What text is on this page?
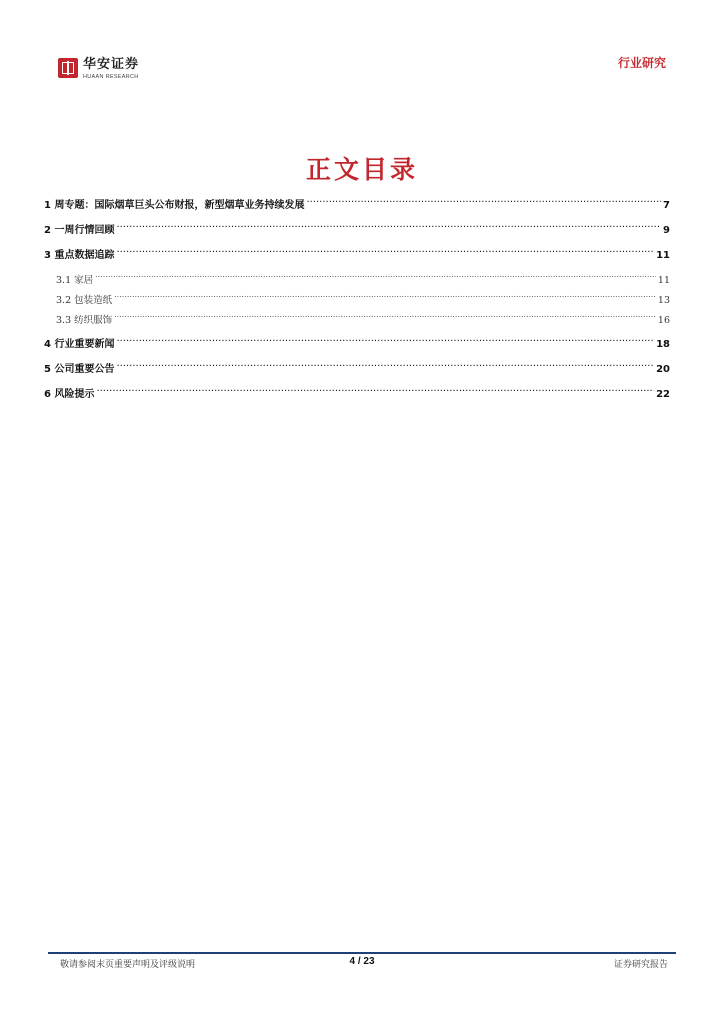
华安证券
HUAAN RESEARCH
行业研究
正文目录
1 周专题：国际烟草巨头公布财报，新型烟草业务持续发展 .....	7
2 一周行情回顾 .....	9
3 重点数据追踪 .....	11
3.1 家居 .....	11
3.2 包装造纸 .....	13
3.3 纺织服饰 .....	16
4 行业重要新闻 .....	18
5 公司重要公告 .....	20
6 风险提示 .....	22
敬请参阅末页重要声明及评级说明	4 / 23	证券研究报告
